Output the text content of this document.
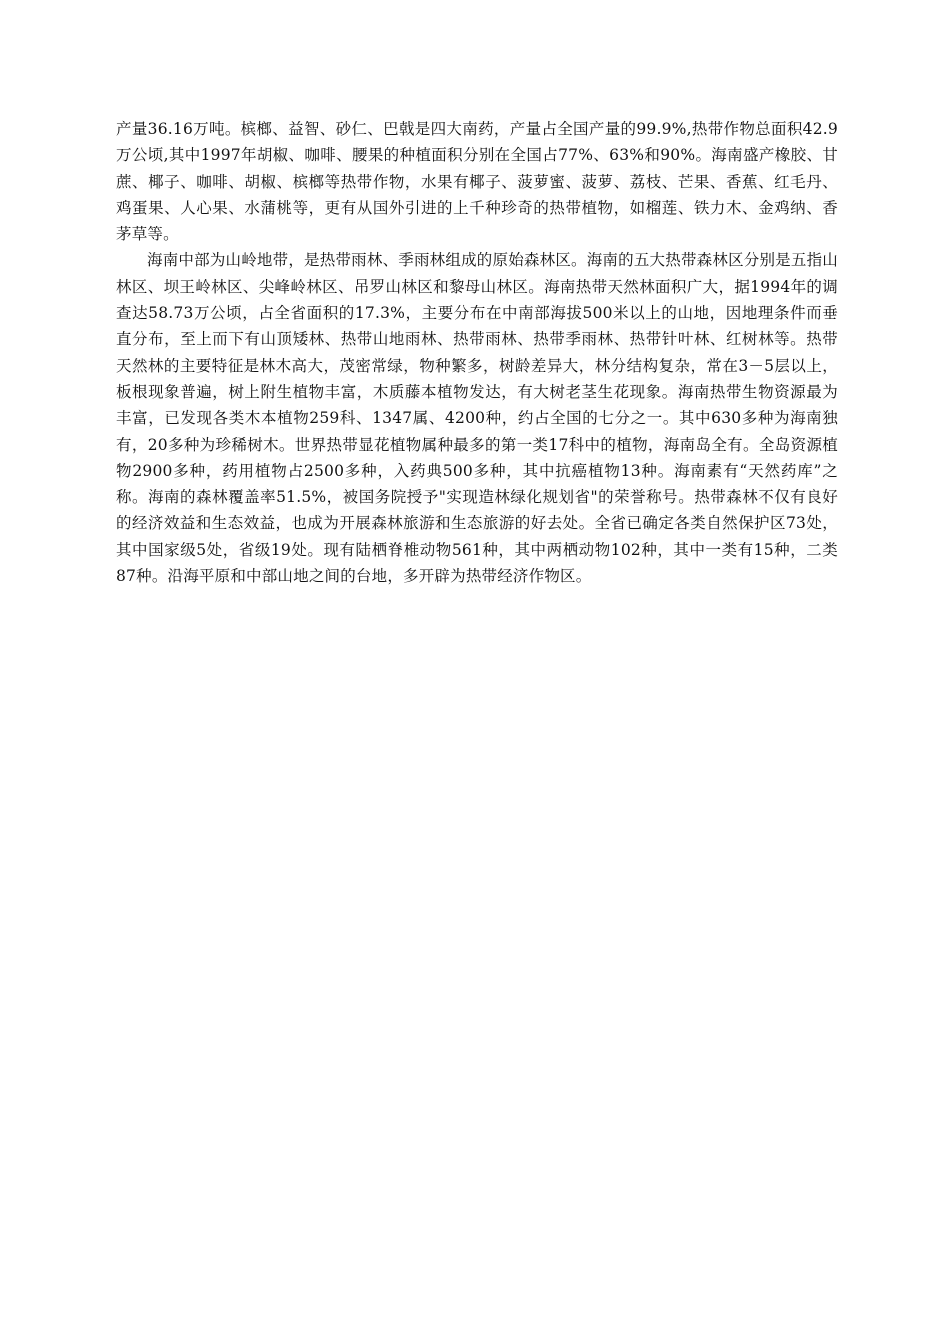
产量36.16万吨。槟榔、益智、砂仁、巴戟是四大南药，产量占全国产量的99.9%,热带作物总面积42.9万公顷,其中1997年胡椒、咖啡、腰果的种植面积分别在全国占77%、63%和90%。海南盛产橡胶、甘蔗、椰子、咖啡、胡椒、槟榔等热带作物，水果有椰子、菠萝蜜、菠萝、荔枝、芒果、香蕉、红毛丹、鸡蛋果、人心果、水蒲桃等，更有从国外引进的上千种珍奇的热带植物，如榴莲、铁力木、金鸡纳、香茅草等。

海南中部为山岭地带，是热带雨林、季雨林组成的原始森林区。海南的五大热带森林区分别是五指山林区、坝王岭林区、尖峰岭林区、吊罗山林区和黎母山林区。海南热带天然林面积广大，据1994年的调查达58.73万公顷，占全省面积的17.3%，主要分布在中南部海拔500米以上的山地，因地理条件而垂直分布，至上而下有山顶矮林、热带山地雨林、热带雨林、热带季雨林、热带针叶林、红树林等。热带天然林的主要特征是林木高大，茂密常绿，物种繁多，树龄差异大，林分结构复杂，常在3－5层以上，板根现象普遍，树上附生植物丰富，木质藤本植物发达，有大树老茎生花现象。海南热带生物资源最为丰富，已发现各类木本植物259科、1347属、4200种，约占全国的七分之一。其中630多种为海南独有，20多种为珍稀树木。世界热带显花植物属种最多的第一类17科中的植物，海南岛全有。全岛资源植物2900多种，药用植物占2500多种，入药典500多种，其中抗癌植物13种。海南素有“天然药库”之称。海南的森林覆盖率51.5%，被国务院授予"实现造林绿化规划省"的荣誉称号。热带森林不仅有良好的经济效益和生态效益，也成为开展森林旅游和生态旅游的好去处。全省已确定各类自然保护区73处，其中国家级5处，省级19处。现有陆栖脊椎动物561种，其中两栖动物102种，其中一类有15种，二类87种。沿海平原和中部山地之间的台地，多开辟为热带经济作物区。
